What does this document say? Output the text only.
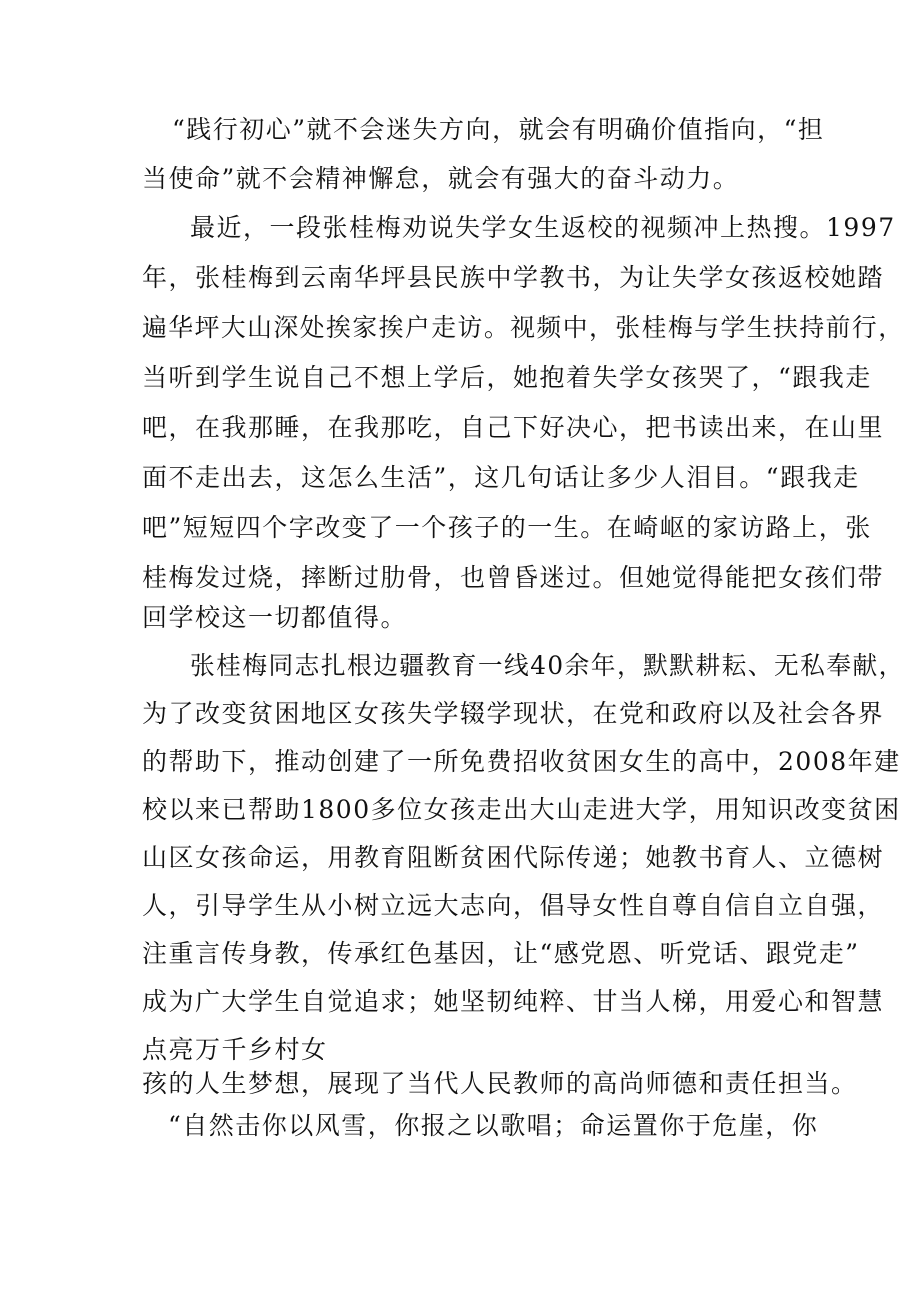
“践行初心”就不会迷失方向，就会有明确价值指向，“担
当使命”就不会精神懈怠，就会有强大的奋斗动力。
最近，一段张桂梅劝说失学女生返校的视频冲上热搜。1997
年，张桂梅到云南华坪县民族中学教书，为让失学女孩返校她踏
遍华坪大山深处挨家挨户走访。视频中，张桂梅与学生扶持前行，
当听到学生说自己不想上学后，她抱着失学女孩哭了，“跟我走
吧，在我那睡，在我那吃，自己下好决心，把书读出来，在山里
面不走出去，这怎么生活”，这几句话让多少人泪目。“跟我走
吧”短短四个字改变了一个孩子的一生。在崎岖的家访路上，张
桂梅发过烧，摔断过肋骨，也曾昏迷过。但她觉得能把女孩们带
回学校这一切都值得。
张桂梅同志扎根边疆教育一线40余年，默默耕耘、无私奉献，
为了改变贫困地区女孩失学辍学现状，在党和政府以及社会各界
的帮助下，推动创建了一所免费招收贫困女生的高中，2008年建
校以来已帮助1800多位女孩走出大山走进大学，用知识改变贫困
山区女孩命运，用教育阻断贫困代际传递；她教书育人、立德树
人，引导学生从小树立远大志向，倡导女性自尊自信自立自强，
注重言传身教，传承红色基因，让“感党恩、听党话、跟党走”
成为广大学生自觉追求；她坚韧纯粹、甘当人梯，用爱心和智慧
点亮万千乡村女
孩的人生梦想，展现了当代人民教师的高尚师德和责任担当。
“自然击你以风雪，你报之以歌唱；命运置你于危崖，你
